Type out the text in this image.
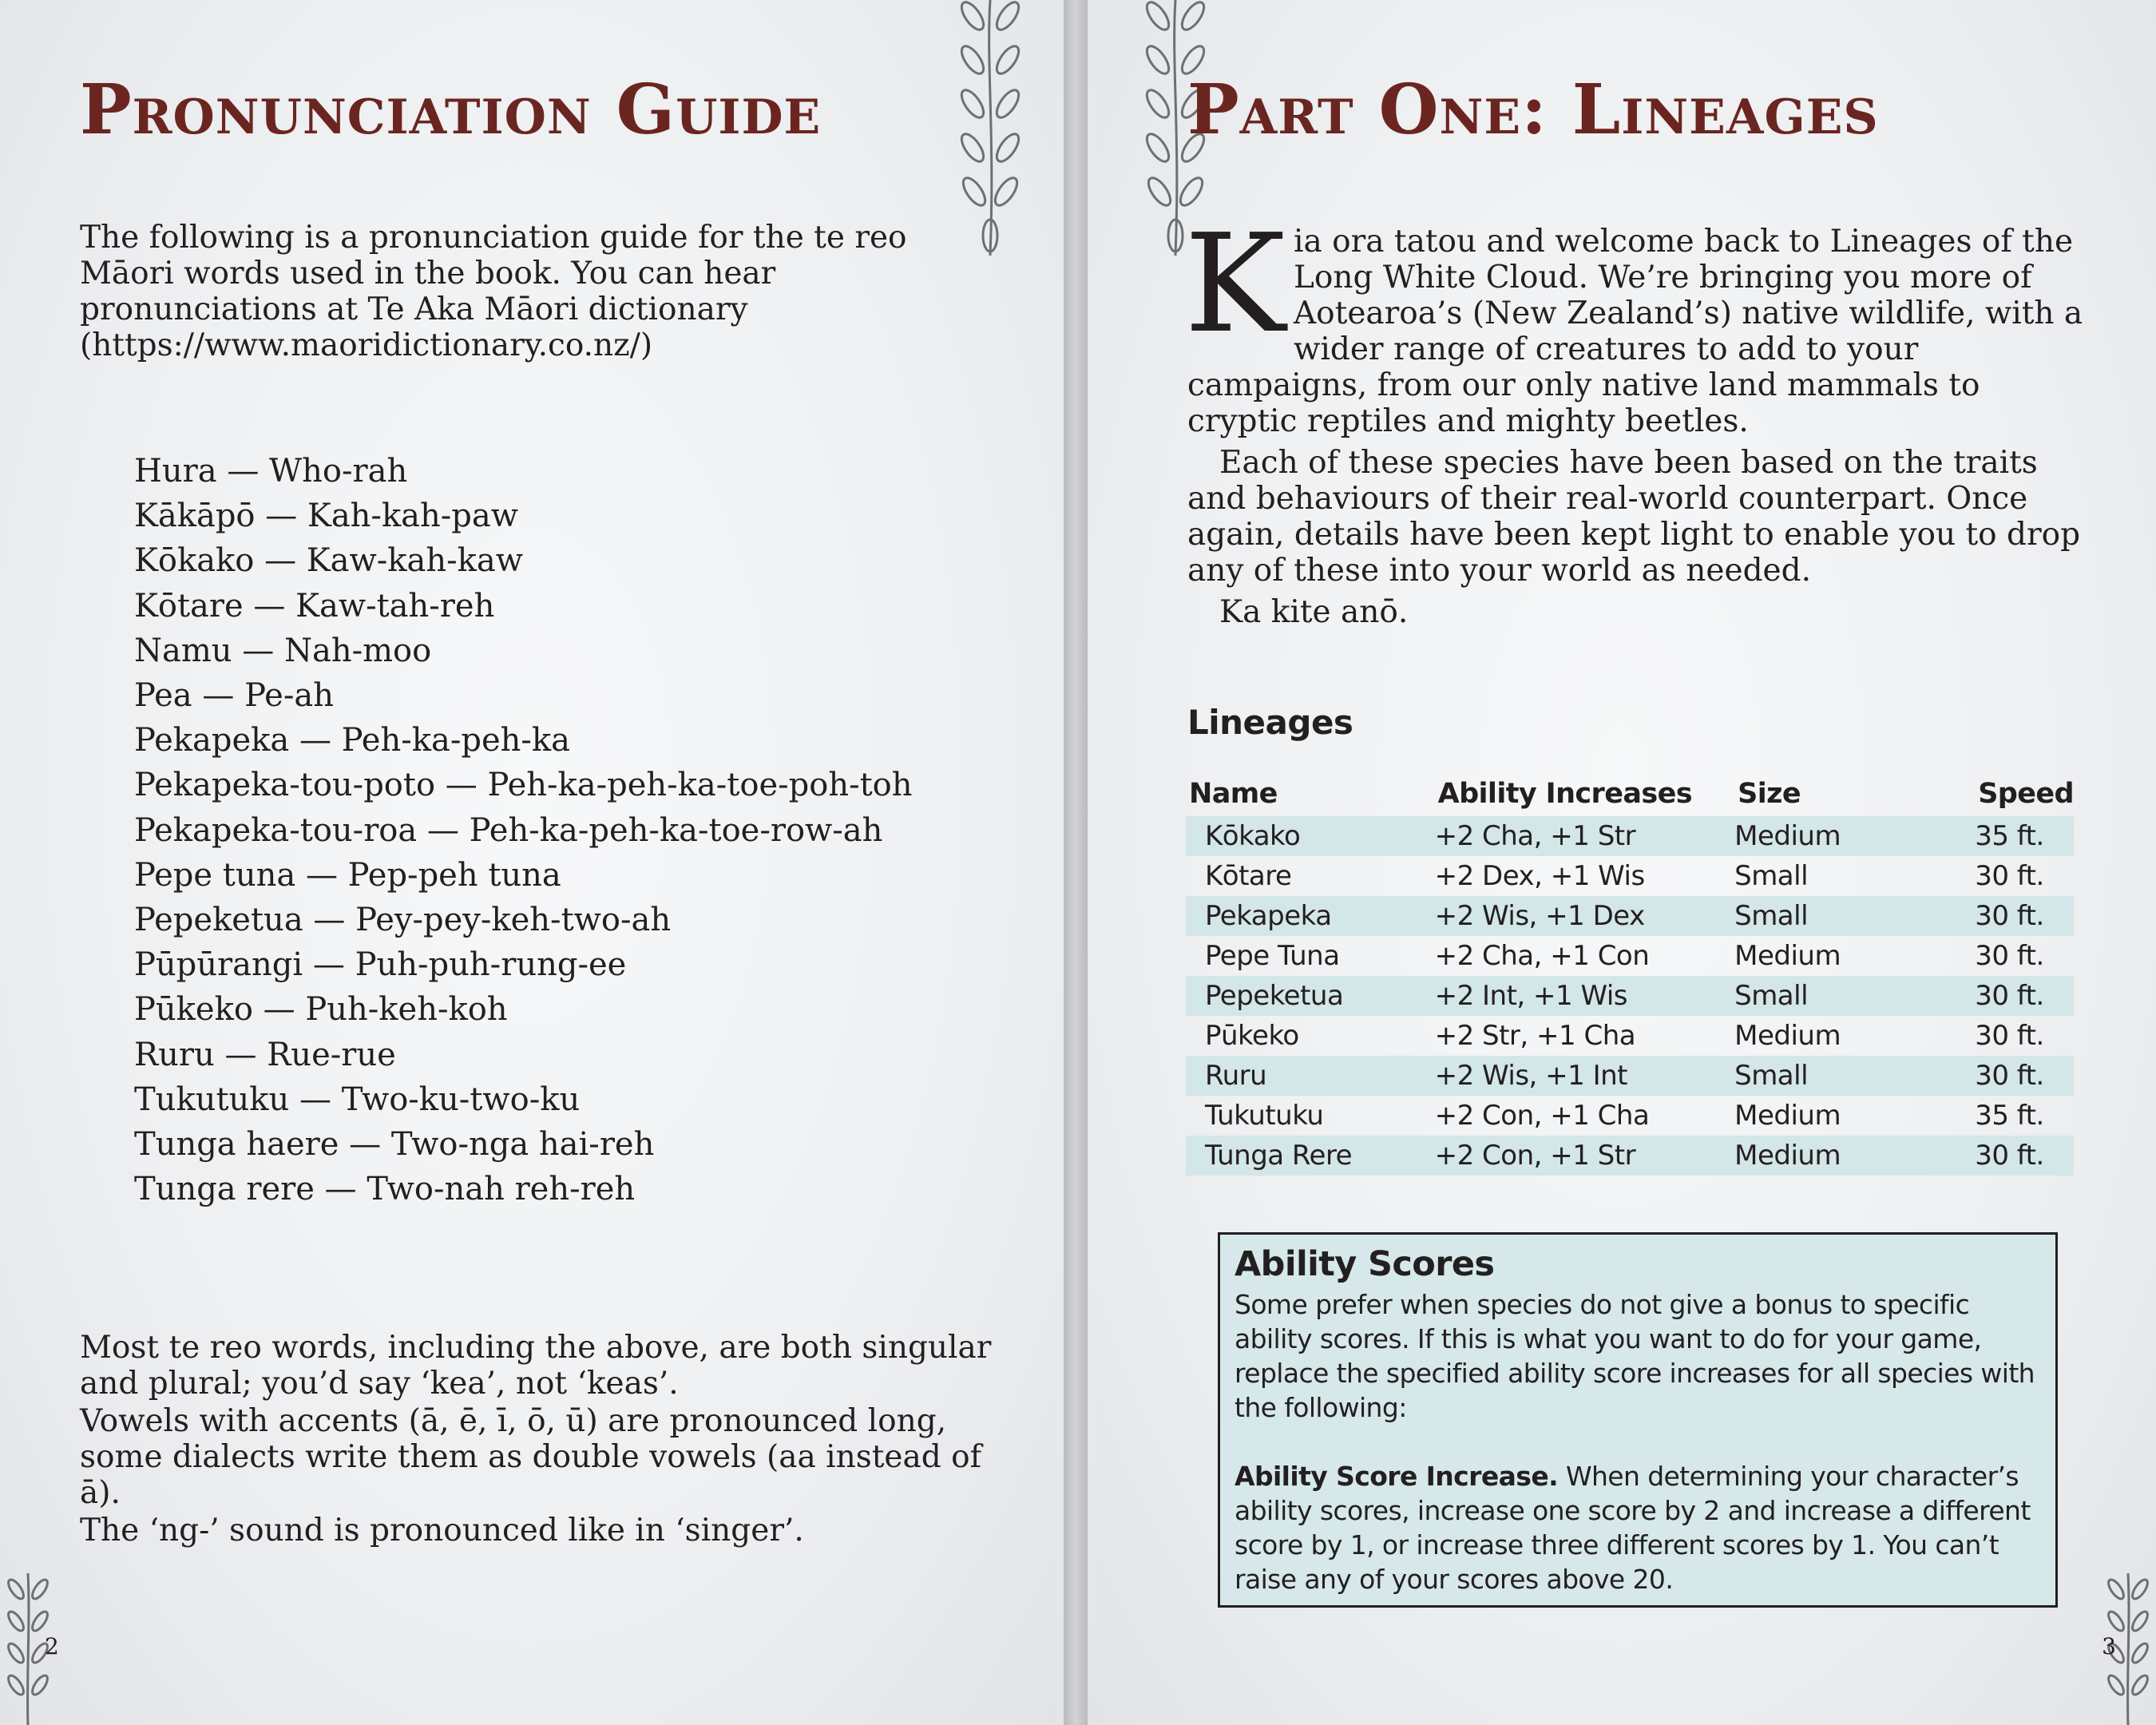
Pronunciation Guide

The following is a pronunciation guide for the te reo Māori words used in the book. You can hear pronunciations at Te Aka Māori dictionary (https://www.maoridictionary.co.nz/)

Hura — Who-rah
Kākāpō — Kah-kah-paw
Kōkako — Kaw-kah-kaw
Kōtare — Kaw-tah-reh
Namu — Nah-moo
Pea — Pe-ah
Pekapeka — Peh-ka-peh-ka
Pekapeka-tou-poto — Peh-ka-peh-ka-toe-poh-toh
Pekapeka-tou-roa — Peh-ka-peh-ka-toe-row-ah
Pepe tuna — Pep-peh tuna
Pepeketua — Pey-pey-keh-two-ah
Pūpūrangi — Puh-puh-rung-ee
Pūkeko — Puh-keh-koh
Ruru — Rue-rue
Tukutuku — Two-ku-two-ku
Tunga haere — Two-nga hai-reh
Tunga rere — Two-nah reh-reh

Most te reo words, including the above, are both singular and plural; you’d say ‘kea’, not ‘keas’.

Vowels with accents (ā, ē, ī, ō, ū) are pronounced long, some dialects write them as double vowels (aa instead of ā).

The ‘ng-’ sound is pronounced like in ‘singer’.

2
Part One: Lineages

Kia ora tatou and welcome back to Lineages of the Long White Cloud. We’re bringing you more of Aotearoa’s (New Zealand’s) native wildlife, with a wider range of creatures to add to your campaigns, from our only native land mammals to cryptic reptiles and mighty beetles.

Each of these species have been based on the traits and behaviours of their real-world counterpart. Once again, details have been kept light to enable you to drop any of these into your world as needed.

Ka kite anō.

Lineages
Name	Ability Increases	Size	Speed
Kōkako	+2 Cha, +1 Str	Medium	35 ft.
Kōtare	+2 Dex, +1 Wis	Small	30 ft.
Pekapeka	+2 Wis, +1 Dex	Small	30 ft.
Pepe Tuna	+2 Cha, +1 Con	Medium	30 ft.
Pepeketua	+2 Int, +1 Wis	Small	30 ft.
Pūkeko	+2 Str, +1 Cha	Medium	30 ft.
Ruru	+2 Wis, +1 Int	Small	30 ft.
Tukutuku	+2 Con, +1 Cha	Medium	35 ft.
Tunga Rere	+2 Con, +1 Str	Medium	30 ft.
Ability Scores

Some prefer when species do not give a bonus to specific ability scores. If this is what you want to do for your game, replace the specified ability score increases for all species with the following:

Ability Score Increase. When determining your character’s ability scores, increase one score by 2 and increase a different score by 1, or increase three different scores by 1. You can’t raise any of your scores above 20.

3
